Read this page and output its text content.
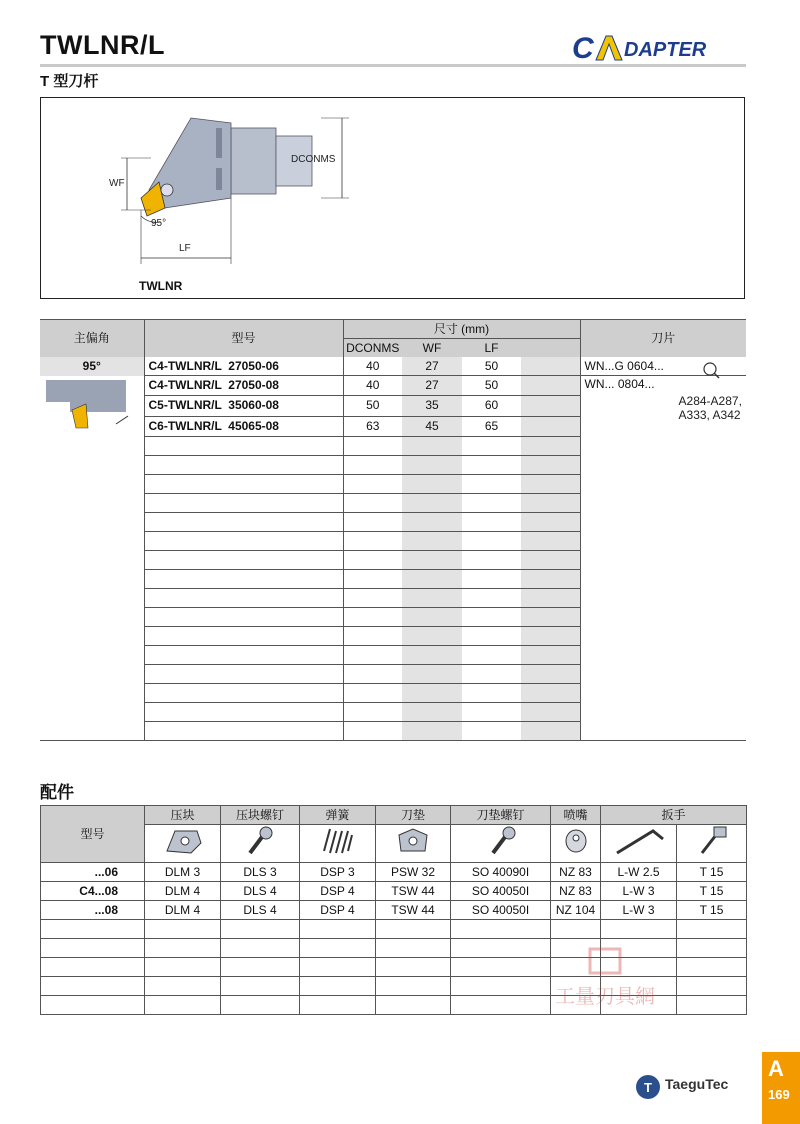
TWLNR/L
T 型刀杆
C DAPTER
DCONMS
WF
95°
LF
TWLNR
主偏角	型号	尺寸 (mm)				刀片
		DCONMS	WF	LF		
95°	C4-TWLNR/L  27050-06	40	27	50		WN...G 0604...
	C4-TWLNR/L  27050-08	40	27	50		WN... 0804...
A284-A287,
A333, A342

	C5-TWLNR/L  35060-08	50	35	60		
	C6-TWLNR/L  45065-08	63	45	65		

配件
型号	压块	压块螺钉	弹簧	刀垫	刀垫螺钉	喷嘴	扳手	

...06	DLM 3	DLS 3	DSP 3	PSW 32	SO 40090I	NZ 83	L-W 2.5	T 15
C4...08	DLM 4	DLS 4	DSP 4	TSW 44	SO 40050I	NZ 83	L-W 3	T 15
...08	DLM 4	DLS 4	DSP 4	TSW 44	SO 40050I	NZ 104	L-W 3	T 15

工量刃具網
TaeguTec
T
A
169
